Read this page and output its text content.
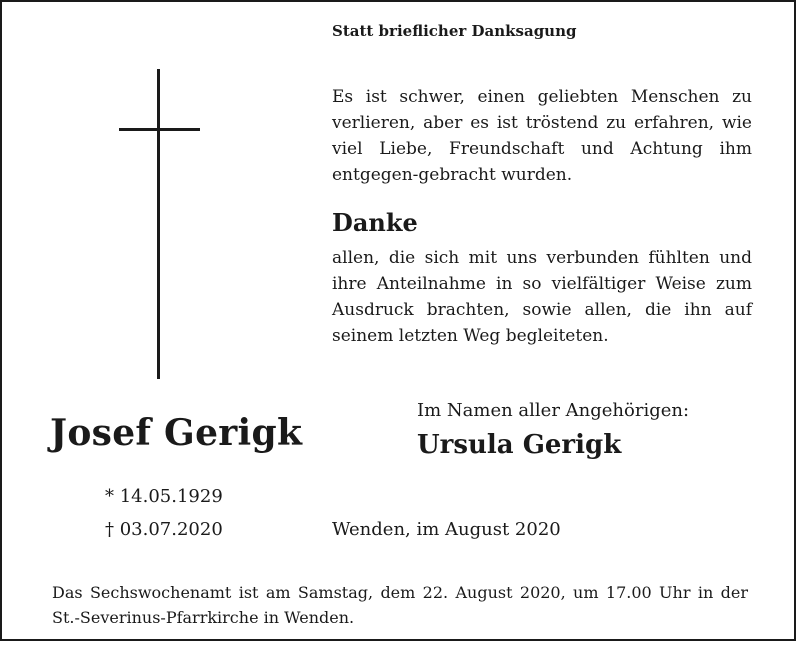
Statt brieflicher Danksagung

Es ist schwer, einen geliebten Menschen zu verlieren, aber es ist tröstend zu erfahren, wie viel Liebe, Freundschaft und Achtung ihm entgegen-gebracht wurden.

Danke

allen, die sich mit uns verbunden fühlten und ihre Anteilnahme in so vielfältiger Weise zum Ausdruck brachten, sowie allen, die ihn auf seinem letzten Weg begleiteten.

Josef Gerigk
* 14.05.1929
† 03.07.2020
Im Namen aller Angehörigen:
Ursula Gerigk
Wenden, im August 2020

Das Sechswochenamt ist am Samstag, dem 22. August 2020, um 17.00 Uhr in der
St.-Severinus-Pfarrkirche in Wenden.
